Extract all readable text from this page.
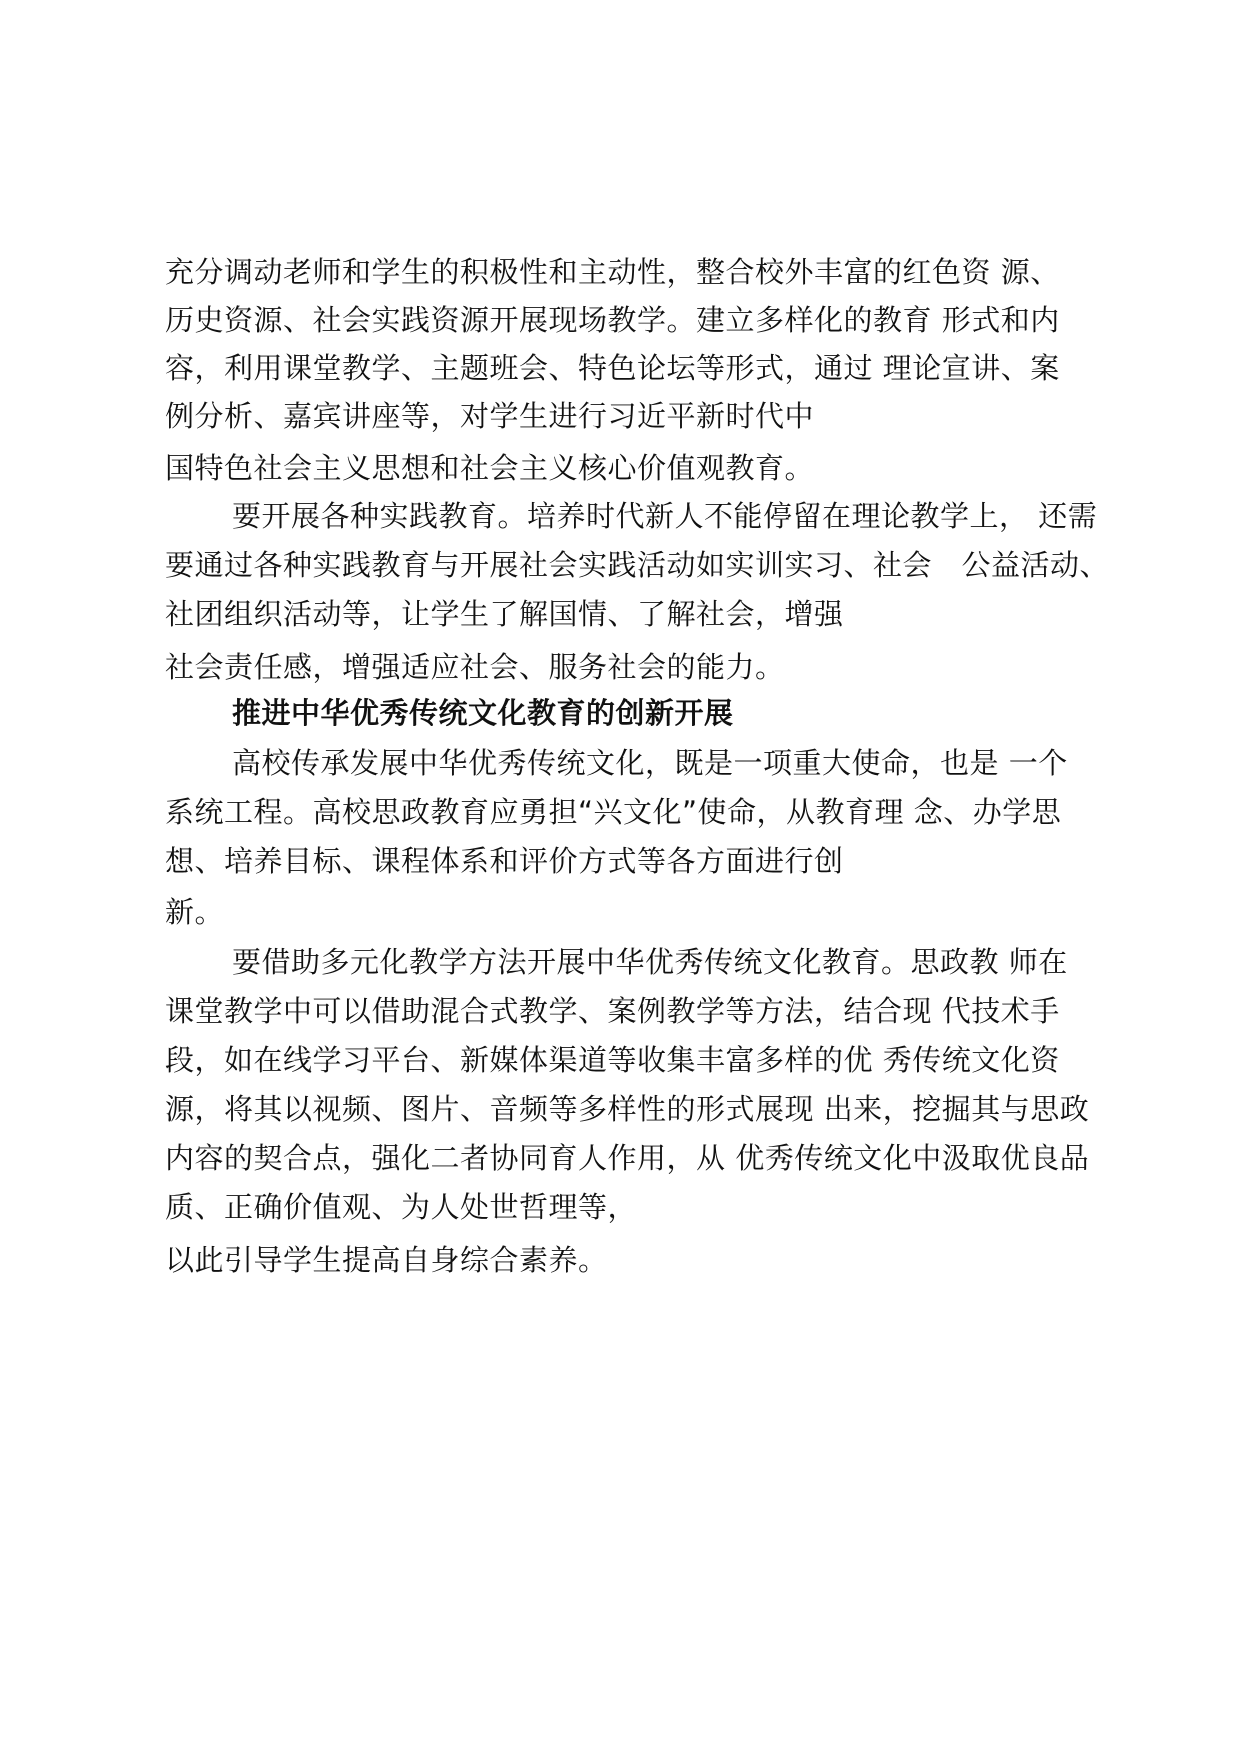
充分调动老师和学生的积极性和主动性，整合校外丰富的红色资 源、
历史资源、社会实践资源开展现场教学。建立多样化的教育 形式和内
容，利用课堂教学、主题班会、特色论坛等形式，通过 理论宣讲、案
例分析、嘉宾讲座等，对学生进行习近平新时代中
国特色社会主义思想和社会主义核心价值观教育。
要开展各种实践教育。培养时代新人不能停留在理论教学上， 还需
要通过各种实践教育与开展社会实践活动如实训实习、社会　公益活动、
社团组织活动等，让学生了解国情、了解社会，增强
社会责任感，增强适应社会、服务社会的能力。
推进中华优秀传统文化教育的创新开展
高校传承发展中华优秀传统文化，既是一项重大使命，也是 一个
系统工程。高校思政教育应勇担“兴文化”使命，从教育理 念、办学思
想、培养目标、课程体系和评价方式等各方面进行创
新。
要借助多元化教学方法开展中华优秀传统文化教育。思政教 师在
课堂教学中可以借助混合式教学、案例教学等方法，结合现 代技术手
段，如在线学习平台、新媒体渠道等收集丰富多样的优 秀传统文化资
源，将其以视频、图片、音频等多样性的形式展现 出来，挖掘其与思政
内容的契合点，强化二者协同育人作用，从 优秀传统文化中汲取优良品
质、正确价值观、为人处世哲理等，
以此引导学生提高自身综合素养。
